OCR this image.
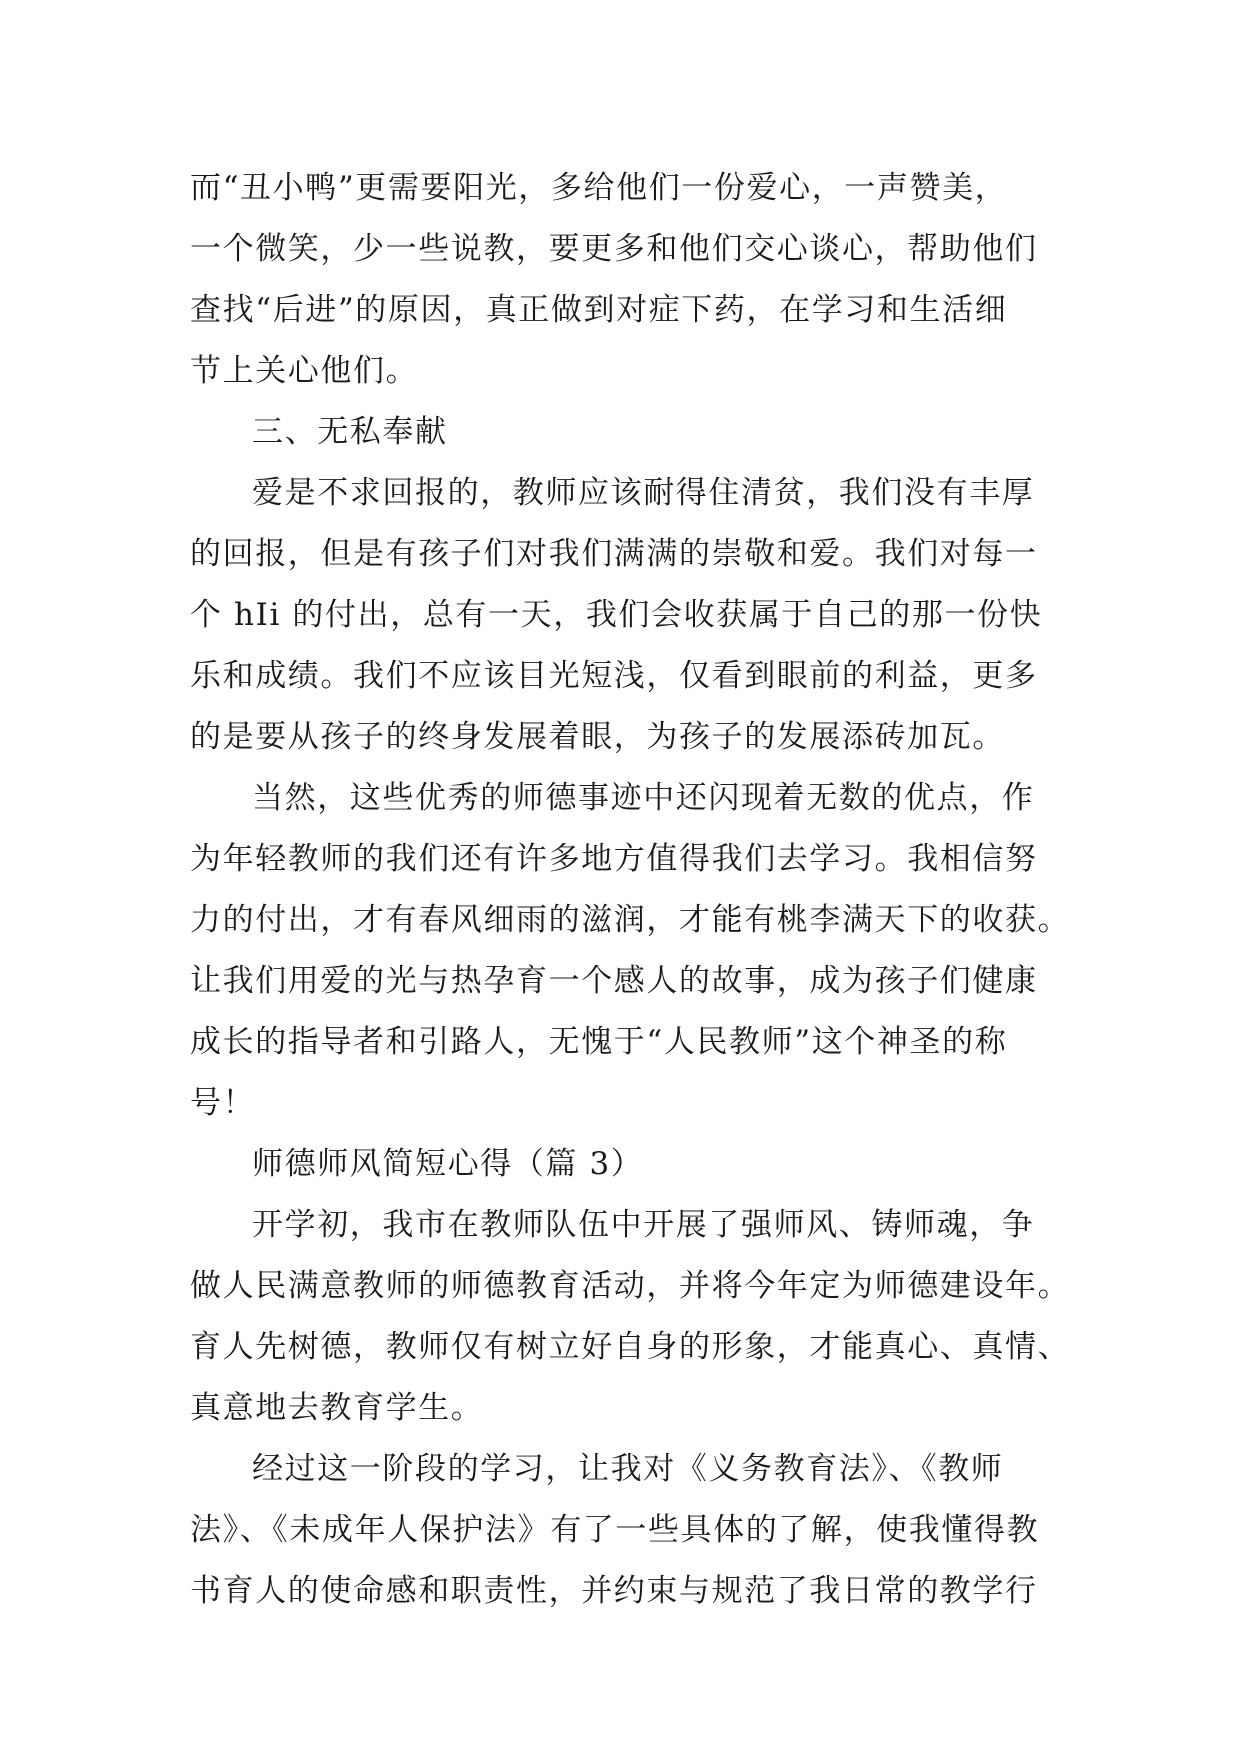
而“丑小鸭”更需要阳光，多给他们一份爱心，一声赞美，
一个微笑，少一些说教，要更多和他们交心谈心，帮助他们
查找“后进”的原因，真正做到对症下药，在学习和生活细
节上关心他们。
三、无私奉献
爱是不求回报的，教师应该耐得住清贫，我们没有丰厚
的回报，但是有孩子们对我们满满的崇敬和爱。我们对每一
个 hIi 的付出，总有一天，我们会收获属于自己的那一份快
乐和成绩。我们不应该目光短浅，仅看到眼前的利益，更多
的是要从孩子的终身发展着眼，为孩子的发展添砖加瓦。
当然，这些优秀的师德事迹中还闪现着无数的优点，作
为年轻教师的我们还有许多地方值得我们去学习。我相信努
力的付出，才有春风细雨的滋润，才能有桃李满天下的收获。
让我们用爱的光与热孕育一个感人的故事，成为孩子们健康
成长的指导者和引路人，无愧于“人民教师”这个神圣的称
号！
师德师风简短心得（篇 3）
开学初，我市在教师队伍中开展了强师风、铸师魂，争
做人民满意教师的师德教育活动，并将今年定为师德建设年。
育人先树德，教师仅有树立好自身的形象，才能真心、真情、
真意地去教育学生。
经过这一阶段的学习，让我对《义务教育法》、《教师
法》、《未成年人保护法》有了一些具体的了解，使我懂得教
书育人的使命感和职责性，并约束与规范了我日常的教学行
